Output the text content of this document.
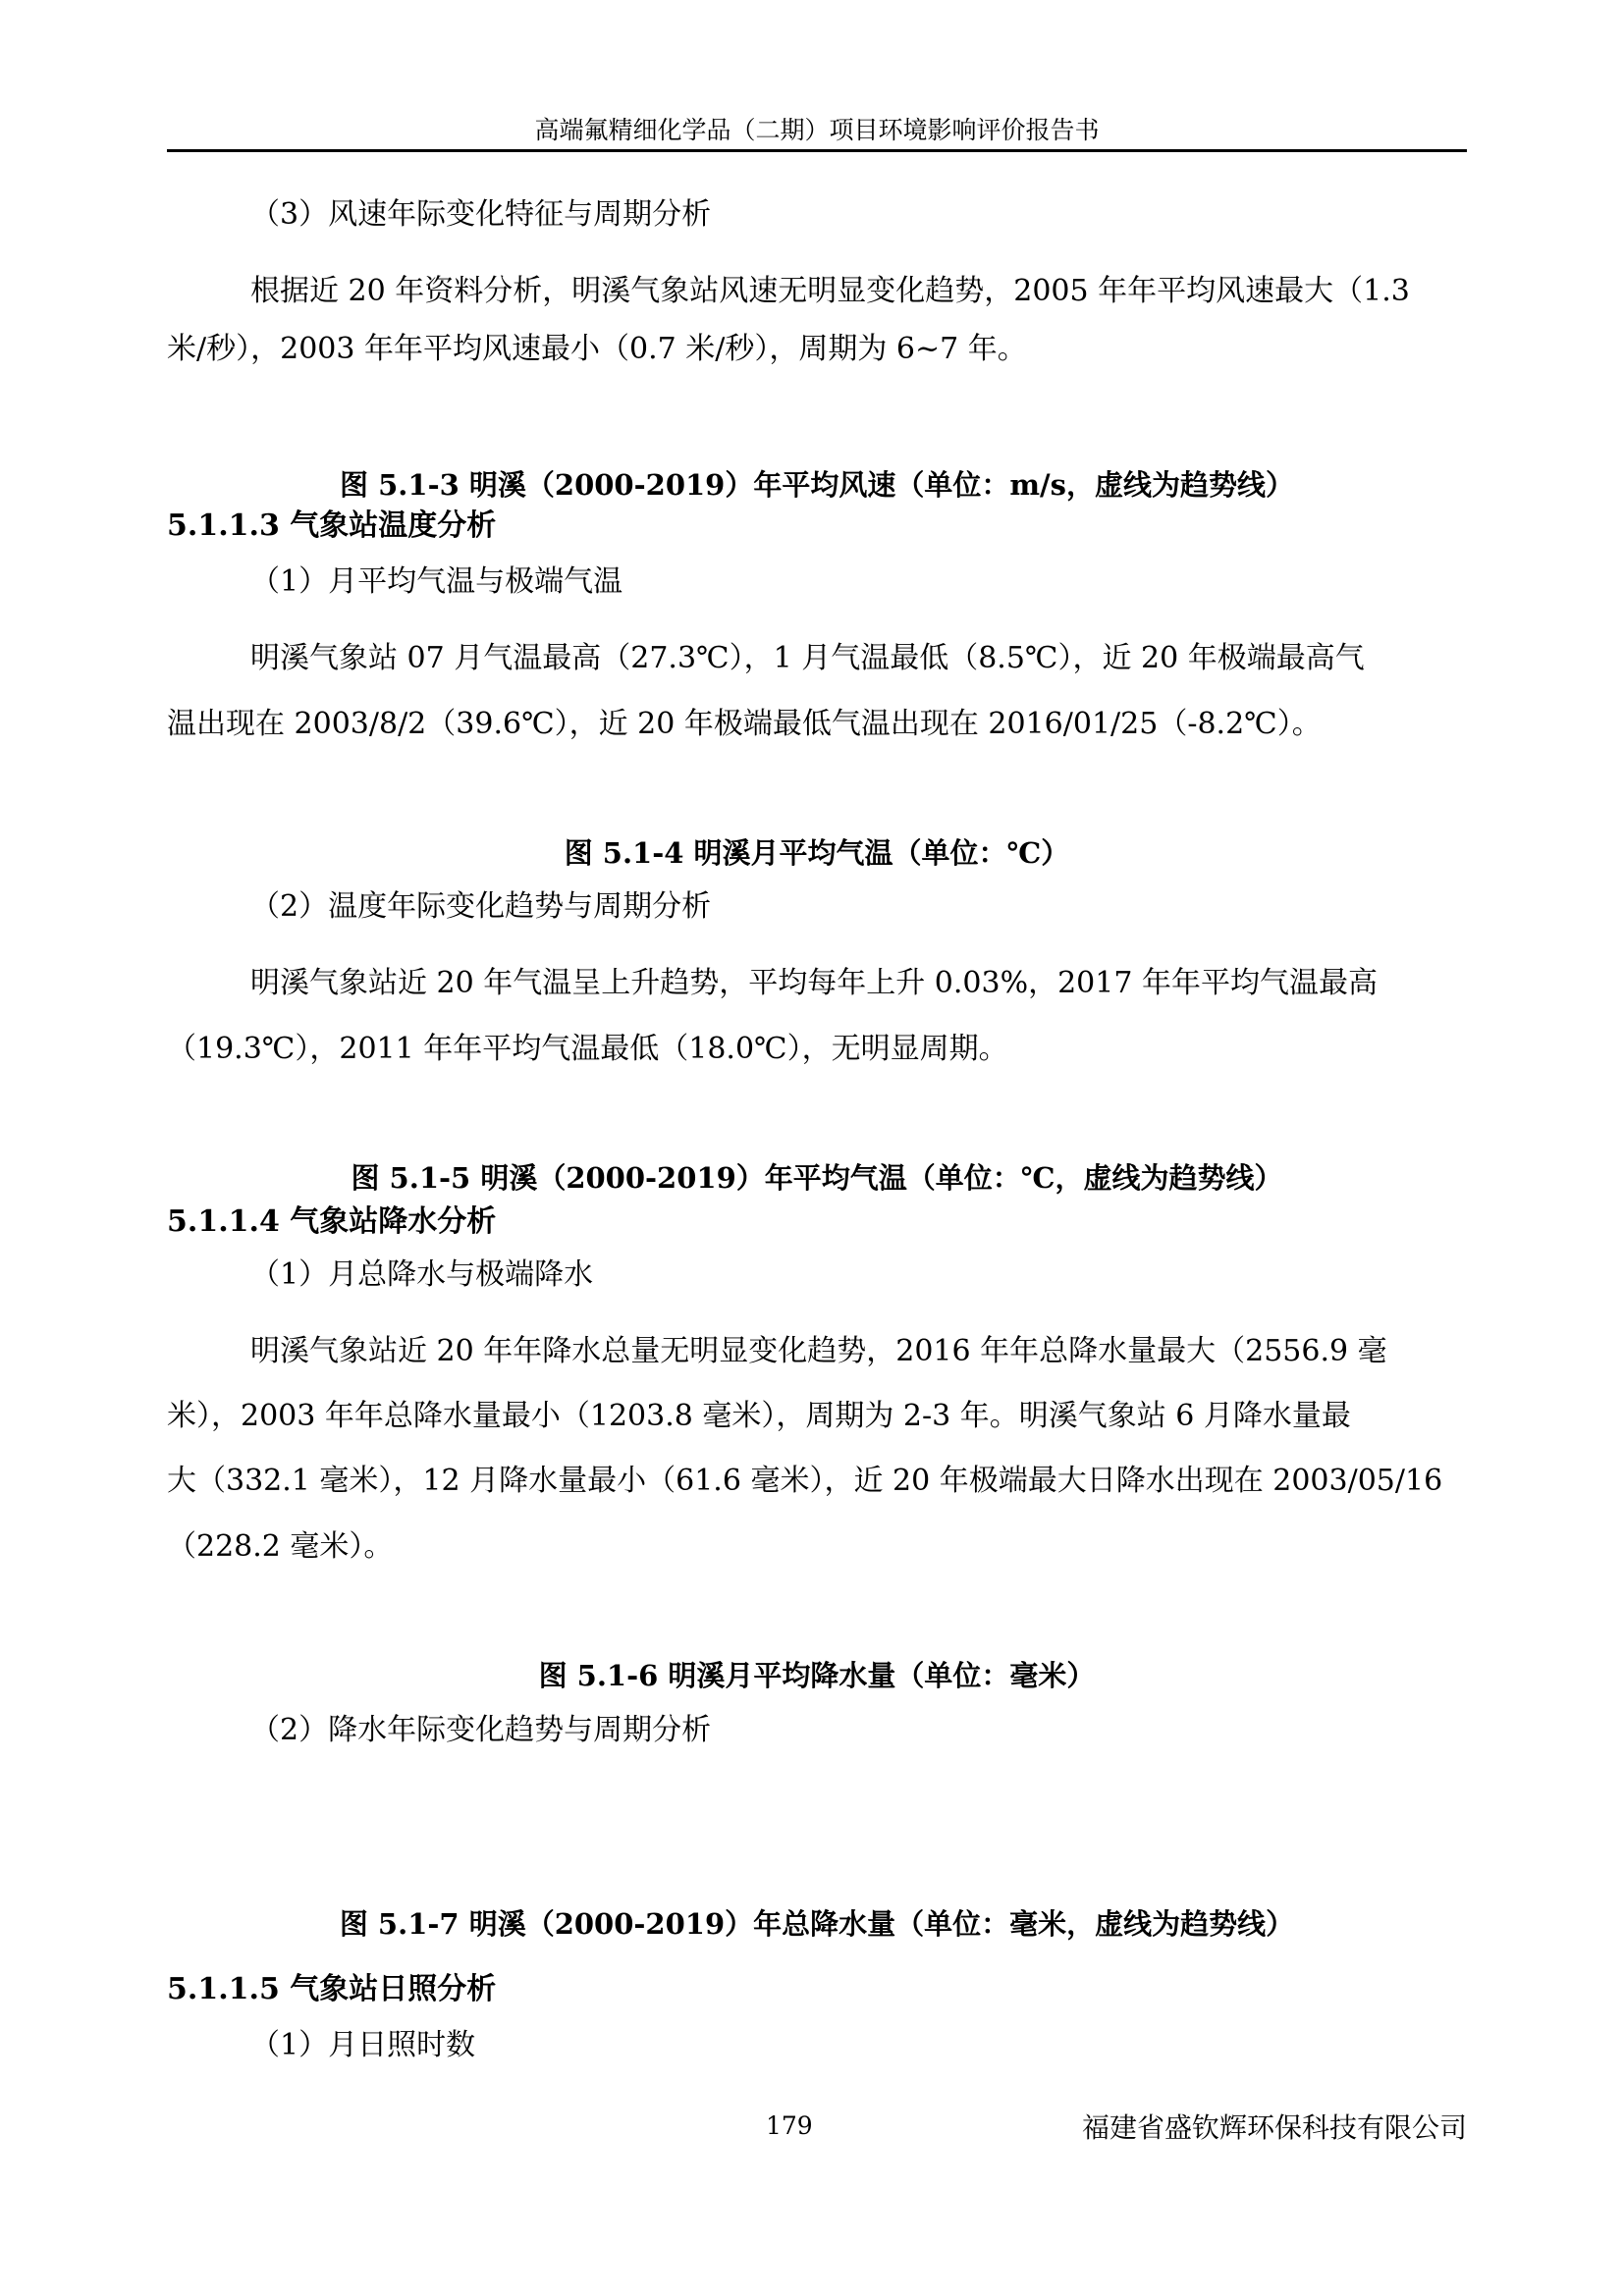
高端氟精细化学品（二期）项目环境影响评价报告书
（3）风速年际变化特征与周期分析
根据近 20 年资料分析，明溪气象站风速无明显变化趋势，2005 年年平均风速最大（1.3
米/秒），2003 年年平均风速最小（0.7 米/秒），周期为 6~7 年。
图 5.1-3 明溪（2000-2019）年平均风速（单位：m/s，虚线为趋势线）
5.1.1.3 气象站温度分析
（1）月平均气温与极端气温
明溪气象站 07 月气温最高（27.3℃），1 月气温最低（8.5℃），近 20 年极端最高气
温出现在 2003/8/2（39.6℃），近 20 年极端最低气温出现在 2016/01/25（-8.2℃）。
图 5.1-4 明溪月平均气温（单位：℃）
（2）温度年际变化趋势与周期分析
明溪气象站近 20 年气温呈上升趋势，平均每年上升 0.03%，2017 年年平均气温最高
（19.3℃），2011 年年平均气温最低（18.0℃），无明显周期。
图 5.1-5 明溪（2000-2019）年平均气温（单位：℃，虚线为趋势线）
5.1.1.4 气象站降水分析
（1）月总降水与极端降水
明溪气象站近 20 年年降水总量无明显变化趋势，2016 年年总降水量最大（2556.9 毫
米），2003 年年总降水量最小（1203.8 毫米），周期为 2-3 年。明溪气象站 6 月降水量最
大（332.1 毫米），12 月降水量最小（61.6 毫米），近 20 年极端最大日降水出现在 2003/05/16
（228.2 毫米）。
图 5.1-6 明溪月平均降水量（单位：毫米）
（2）降水年际变化趋势与周期分析
图 5.1-7 明溪（2000-2019）年总降水量（单位：毫米，虚线为趋势线）
5.1.1.5 气象站日照分析
（1）月日照时数
179	福建省盛钦辉环保科技有限公司
